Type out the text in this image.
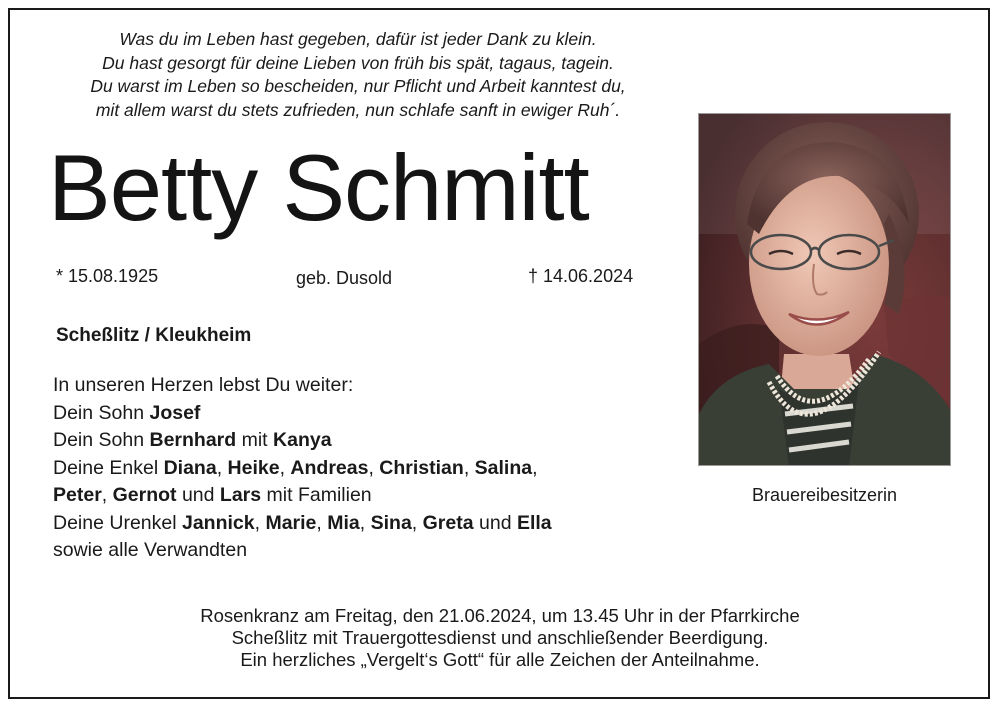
Was du im Leben hast gegeben, dafür ist jeder Dank zu klein.
Du hast gesorgt für deine Lieben von früh bis spät, tagaus, tagein.
Du warst im Leben so bescheiden, nur Pflicht und Arbeit kanntest du,
mit allem warst du stets zufrieden, nun schlafe sanft in ewiger Ruh´.
Betty Schmitt
* 15.08.1925	geb. Dusold	† 14.06.2024
Scheßlitz / Kleukheim
In unseren Herzen lebst Du weiter:
Dein Sohn Josef
Dein Sohn Bernhard mit Kanya
Deine Enkel Diana, Heike, Andreas, Christian, Salina,
Peter, Gernot und Lars mit Familien
Deine Urenkel Jannick, Marie, Mia, Sina, Greta und Ella
sowie alle Verwandten
Brauereibesitzerin
Rosenkranz am Freitag, den 21.06.2024, um 13.45 Uhr in der Pfarrkirche
Scheßlitz mit Trauergottesdienst und anschließender Beerdigung.
Ein herzliches „Vergelt‘s Gott“ für alle Zeichen der Anteilnahme.
